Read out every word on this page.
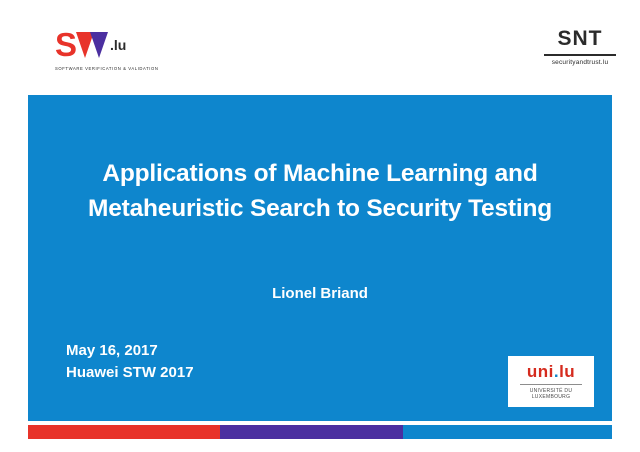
S .lu
SOFTWARE VERIFICATION & VALIDATION
SNT
securityandtrust.lu
Applications of Machine Learning and Metaheuristic Search to Security Testing
Lionel Briand
May 16, 2017
Huawei STW 2017	uni.lu
UNIVERSITÉ DU
LUXEMBOURG
